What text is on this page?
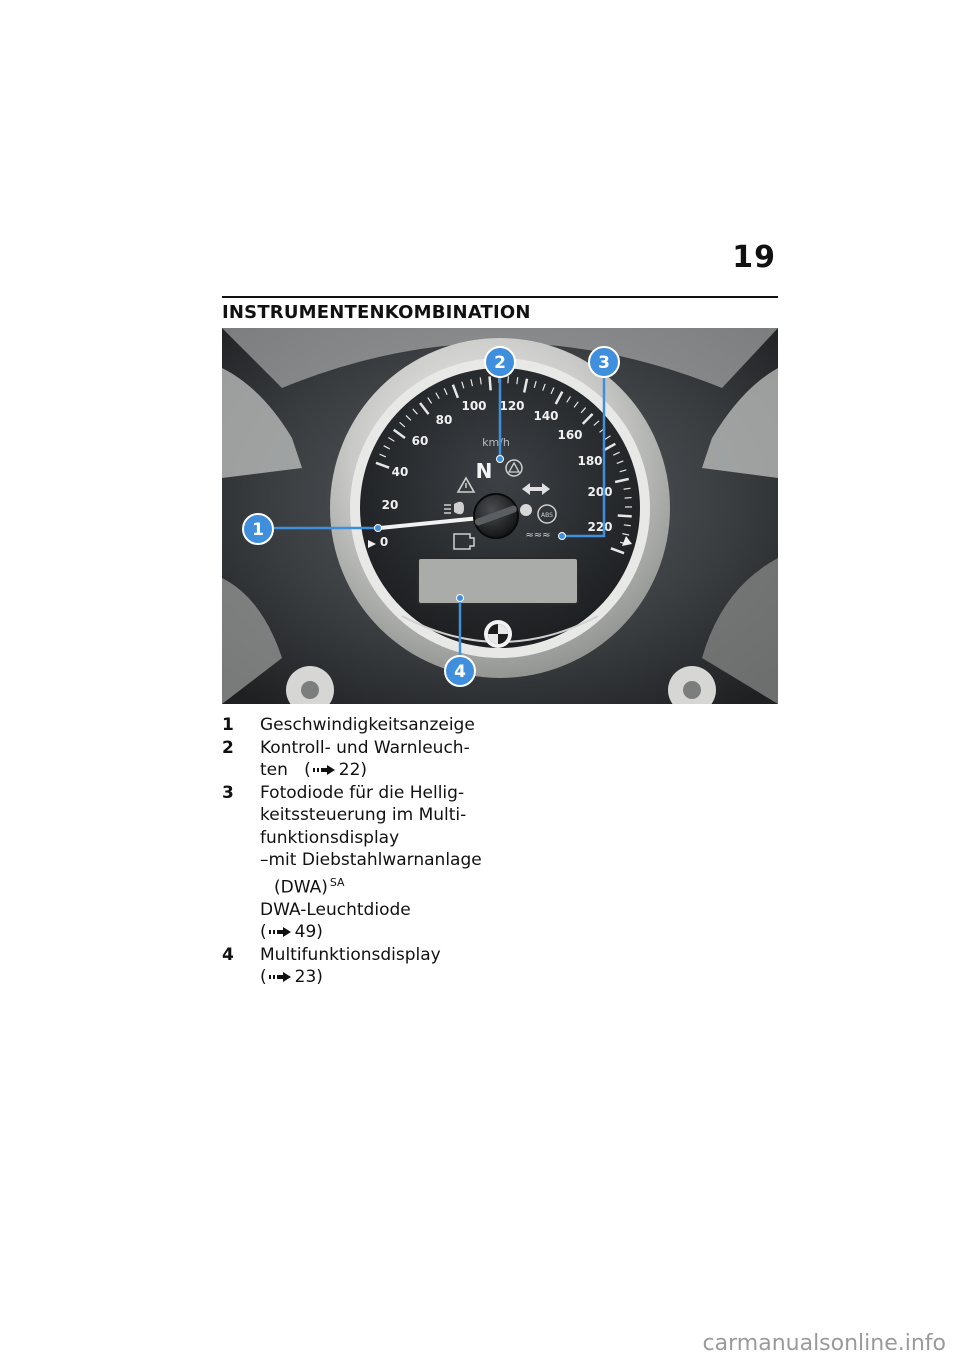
19
INSTRUMENTENKOMBINATION
0
20
40
60
80
100 120
140
160
180
200
220
km/h
N
ABS
≈≈≈
1
2	3
4
1	Geschwindigkeitsanzeige
2	Kontroll- und Warnleuch-
ten   ( 22)
3	Fotodiode für die Hellig-
keitssteuerung im Multi-
funktionsdisplay
–mit Diebstahlwarnanlage
(DWA) $^{SA}$
DWA-Leuchtdiode
( 49)
4	Multifunktionsdisplay
( 23)
carmanualsonline.info
